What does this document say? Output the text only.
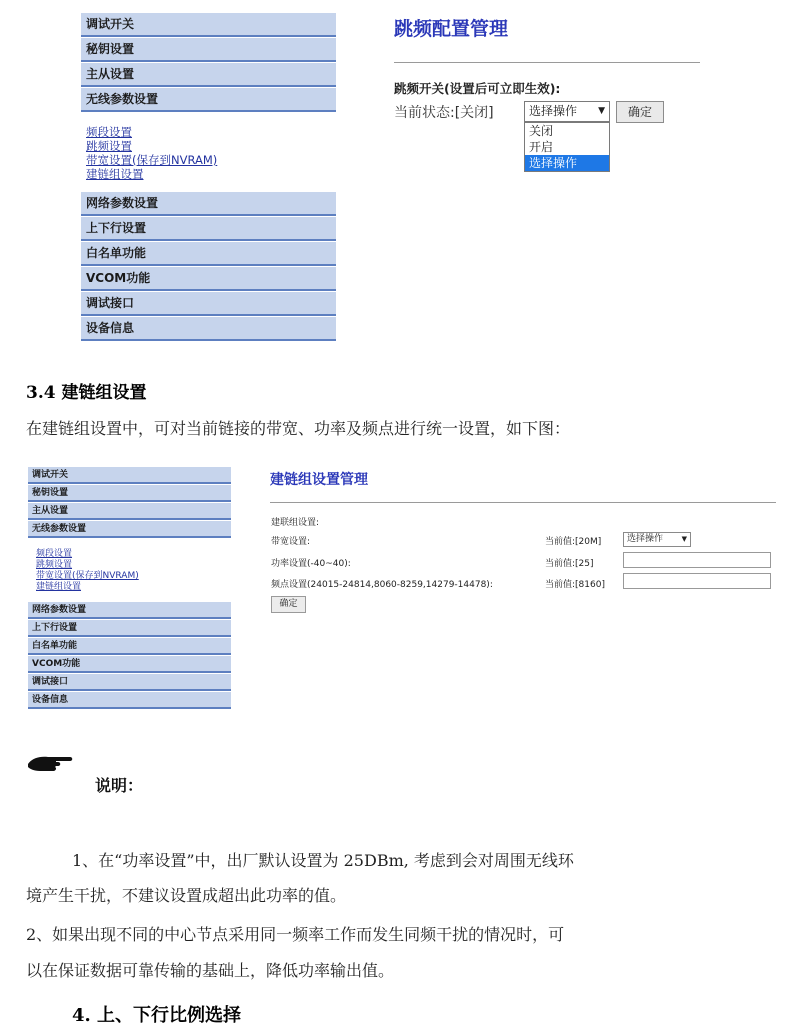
调试开关
秘钥设置
主从设置
无线参数设置
频段设置
跳频设置
带宽设置(保存到NVRAM)
建链组设置
网络参数设置
上下行设置
白名单功能
VCOM功能
调试接口
设备信息
跳频配置管理
跳频开关(设置后可立即生效):
当前状态:[关闭]	选择操作 ▼	确定
关闭
开启
选择操作
3.4 建链组设置
在建链组设置中，可对当前链接的带宽、功率及频点进行统一设置，如下图：
调试开关
秘钥设置
主从设置
无线参数设置
频段设置
跳频设置
带宽设置(保存到NVRAM)
建链组设置
网络参数设置
上下行设置
白名单功能
VCOM功能
调试接口
设备信息
建链组设置管理
建联组设置:
带宽设置:	当前值:[20M]	选择操作	▼
功率设置(-40~40):	当前值:[25]
频点设置(24015-24814,8060-8259,14279-14478):	当前值:[8160]
确定
说明：
1、在“功率设置”中，出厂默认设置为 25DBm, 考虑到会对周围无线环
境产生干扰，不建议设置成超出此功率的值。
2、如果出现不同的中心节点采用同一频率工作而发生同频干扰的情况时，可
以在保证数据可靠传输的基础上，降低功率输出值。
4. 上、下行比例选择
